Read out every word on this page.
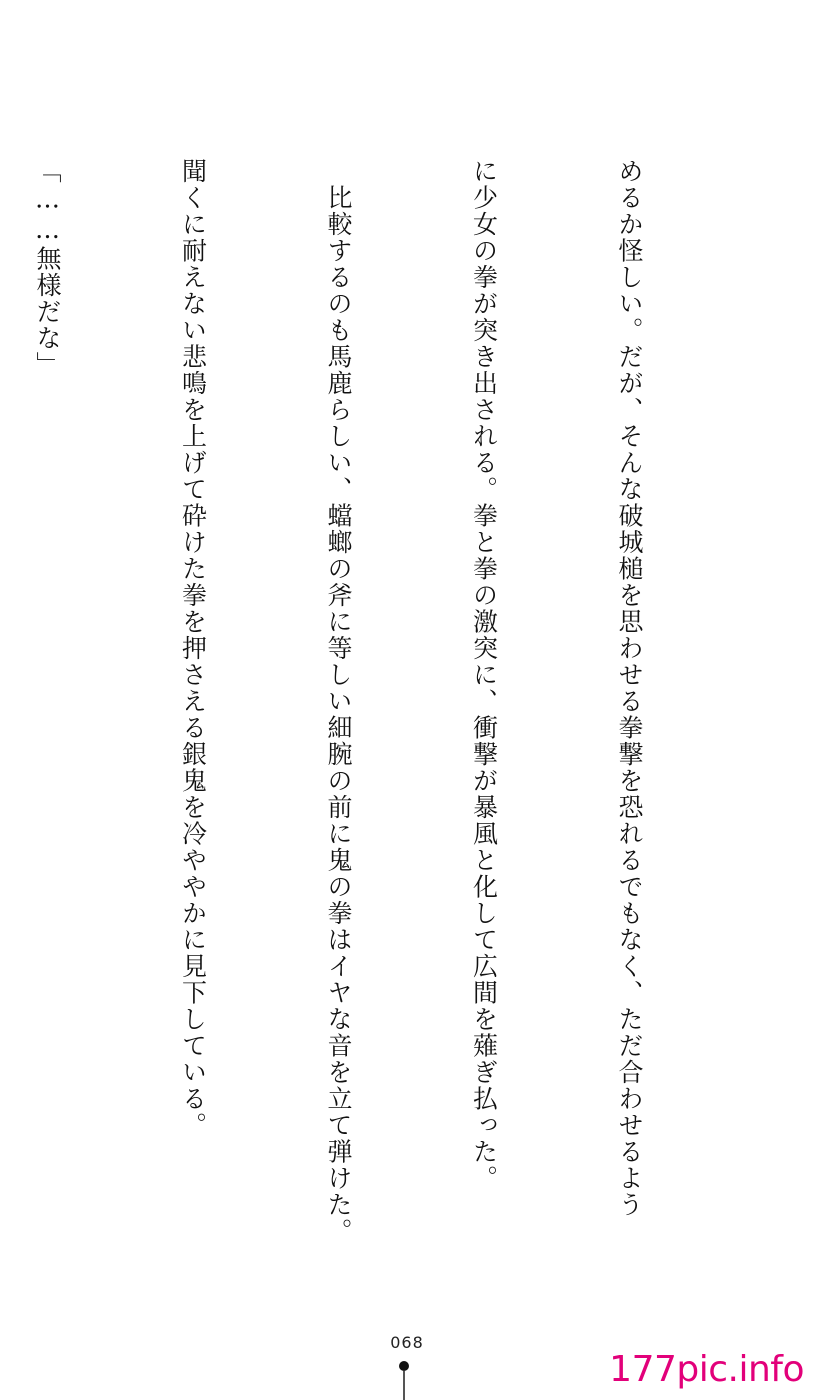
めるか怪しい。だが、そんな破城槌を思わせる拳撃を恐れるでもなく、ただ合わせるよう

に少女の拳が突き出される。拳と拳の激突に、衝撃が暴風と化して広間を薙ぎ払った。

　比較するのも馬鹿らしい、蟷螂の斧に等しい細腕の前に鬼の拳はイヤな音を立て弾けた。

聞くに耐えない悲鳴を上げて砕けた拳を押さえる銀鬼を冷ややかに見下している。

「……無様だな」

068
177pic.info
